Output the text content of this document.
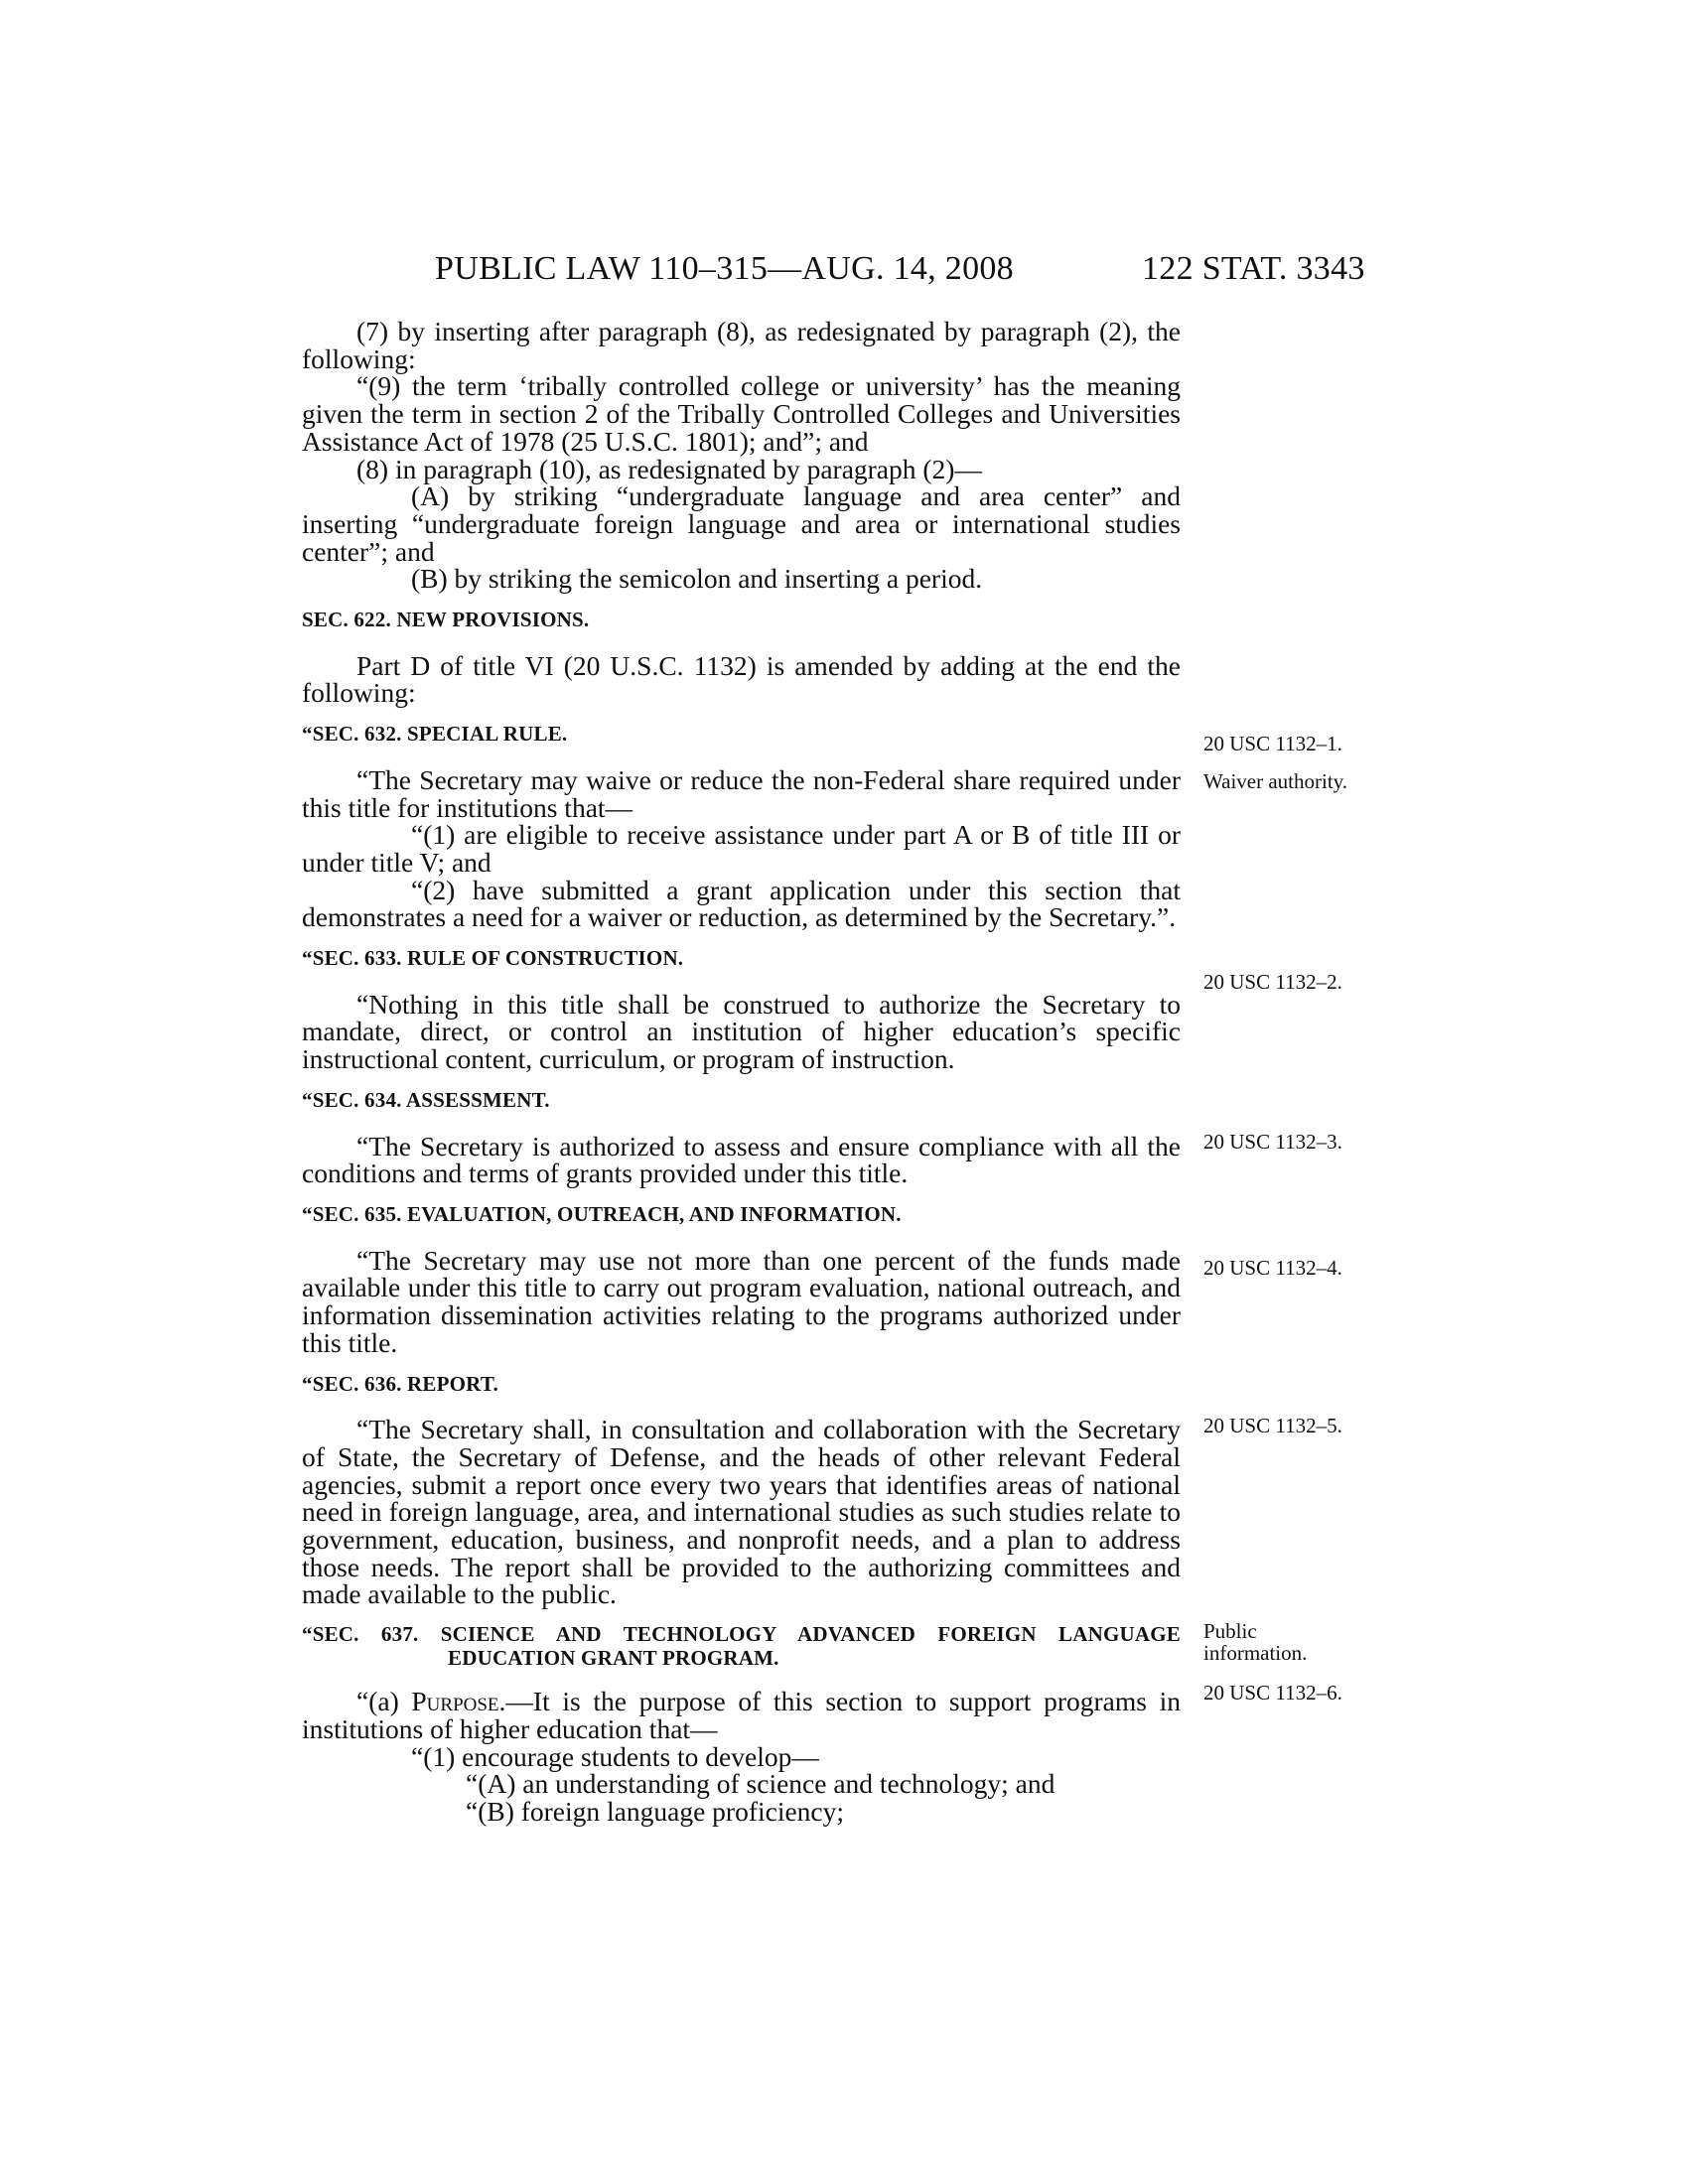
PUBLIC LAW 110–315—AUG. 14, 2008	122 STAT. 3343

(7) by inserting after paragraph (8), as redesignated by paragraph (2), the following:

“(9) the term ‘tribally controlled college or university’ has the meaning given the term in section 2 of the Tribally Controlled Colleges and Universities Assistance Act of 1978 (25 U.S.C. 1801); and”; and

(8) in paragraph (10), as redesignated by paragraph (2)—

(A) by striking “undergraduate language and area center” and inserting “undergraduate foreign language and area or international studies center”; and

(B) by striking the semicolon and inserting a period.

SEC. 622. NEW PROVISIONS.

Part D of title VI (20 U.S.C. 1132) is amended by adding at the end the following:

“SEC. 632. SPECIAL RULE.

“The Secretary may waive or reduce the non-Federal share required under this title for institutions that—

“(1) are eligible to receive assistance under part A or B of title III or under title V; and

“(2) have submitted a grant application under this section that demonstrates a need for a waiver or reduction, as determined by the Secretary.”.

“SEC. 633. RULE OF CONSTRUCTION.

“Nothing in this title shall be construed to authorize the Secretary to mandate, direct, or control an institution of higher education’s specific instructional content, curriculum, or program of instruction.

“SEC. 634. ASSESSMENT.

“The Secretary is authorized to assess and ensure compliance with all the conditions and terms of grants provided under this title.

“SEC. 635. EVALUATION, OUTREACH, AND INFORMATION.

“The Secretary may use not more than one percent of the funds made available under this title to carry out program evaluation, national outreach, and information dissemination activities relating to the programs authorized under this title.

“SEC. 636. REPORT.

“The Secretary shall, in consultation and collaboration with the Secretary of State, the Secretary of Defense, and the heads of other relevant Federal agencies, submit a report once every two years that identifies areas of national need in foreign language, area, and international studies as such studies relate to government, education, business, and nonprofit needs, and a plan to address those needs. The report shall be provided to the authorizing committees and made available to the public.

“SEC. 637. SCIENCE AND TECHNOLOGY ADVANCED FOREIGN LANGUAGE EDUCATION GRANT PROGRAM.

“(a) Purpose.—It is the purpose of this section to support programs in institutions of higher education that—

“(1) encourage students to develop—

“(A) an understanding of science and technology; and

“(B) foreign language proficiency;

20 USC 1132–1.
Waiver authority.
20 USC 1132–2.
20 USC 1132–3.
20 USC 1132–4.
20 USC 1132–5.
Public information.
20 USC 1132–6.
